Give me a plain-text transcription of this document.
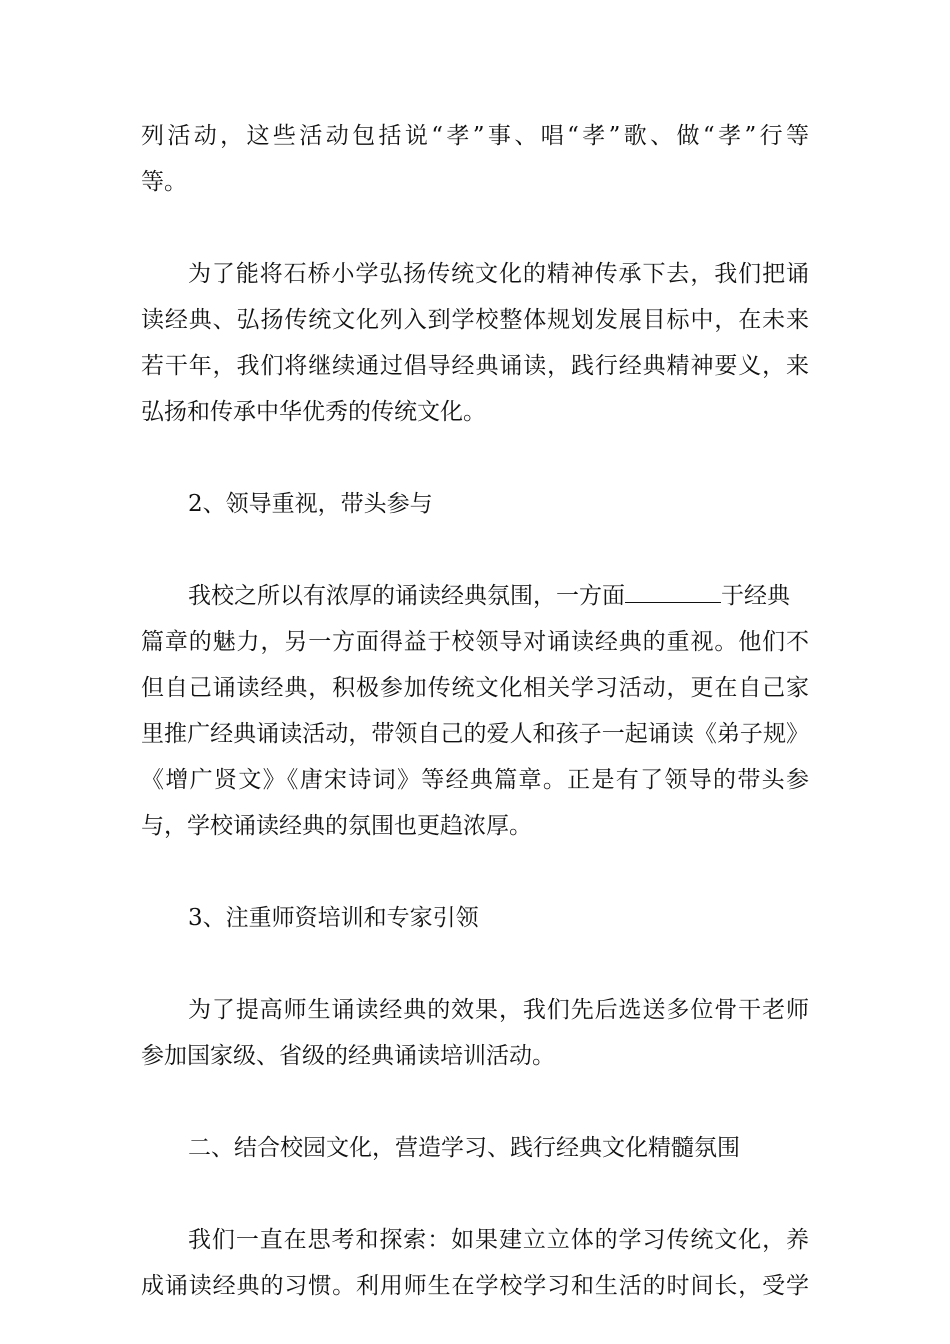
列活动，这些活动包括说“孝”事、唱“孝”歌、做“孝”行等
等。
为了能将石桥小学弘扬传统文化的精神传承下去，我们把诵
读经典、弘扬传统文化列入到学校整体规划发展目标中，在未来
若干年，我们将继续通过倡导经典诵读，践行经典精神要义，来
弘扬和传承中华优秀的传统文化。
2、领导重视，带头参与
我校之所以有浓厚的诵读经典氛围，一方面	于经典
篇章的魅力，另一方面得益于校领导对诵读经典的重视。他们不
但自己诵读经典，积极参加传统文化相关学习活动，更在自己家
里推广经典诵读活动，带领自己的爱人和孩子一起诵读《弟子规》
《增广贤文》《唐宋诗词》等经典篇章。正是有了领导的带头参
与，学校诵读经典的氛围也更趋浓厚。
3、注重师资培训和专家引领
为了提高师生诵读经典的效果，我们先后选送多位骨干老师
参加国家级、省级的经典诵读培训活动。
二、结合校园文化，营造学习、践行经典文化精髓氛围
我们一直在思考和探索：如果建立立体的学习传统文化，养
成诵读经典的习惯。利用师生在学校学习和生活的时间长，受学
